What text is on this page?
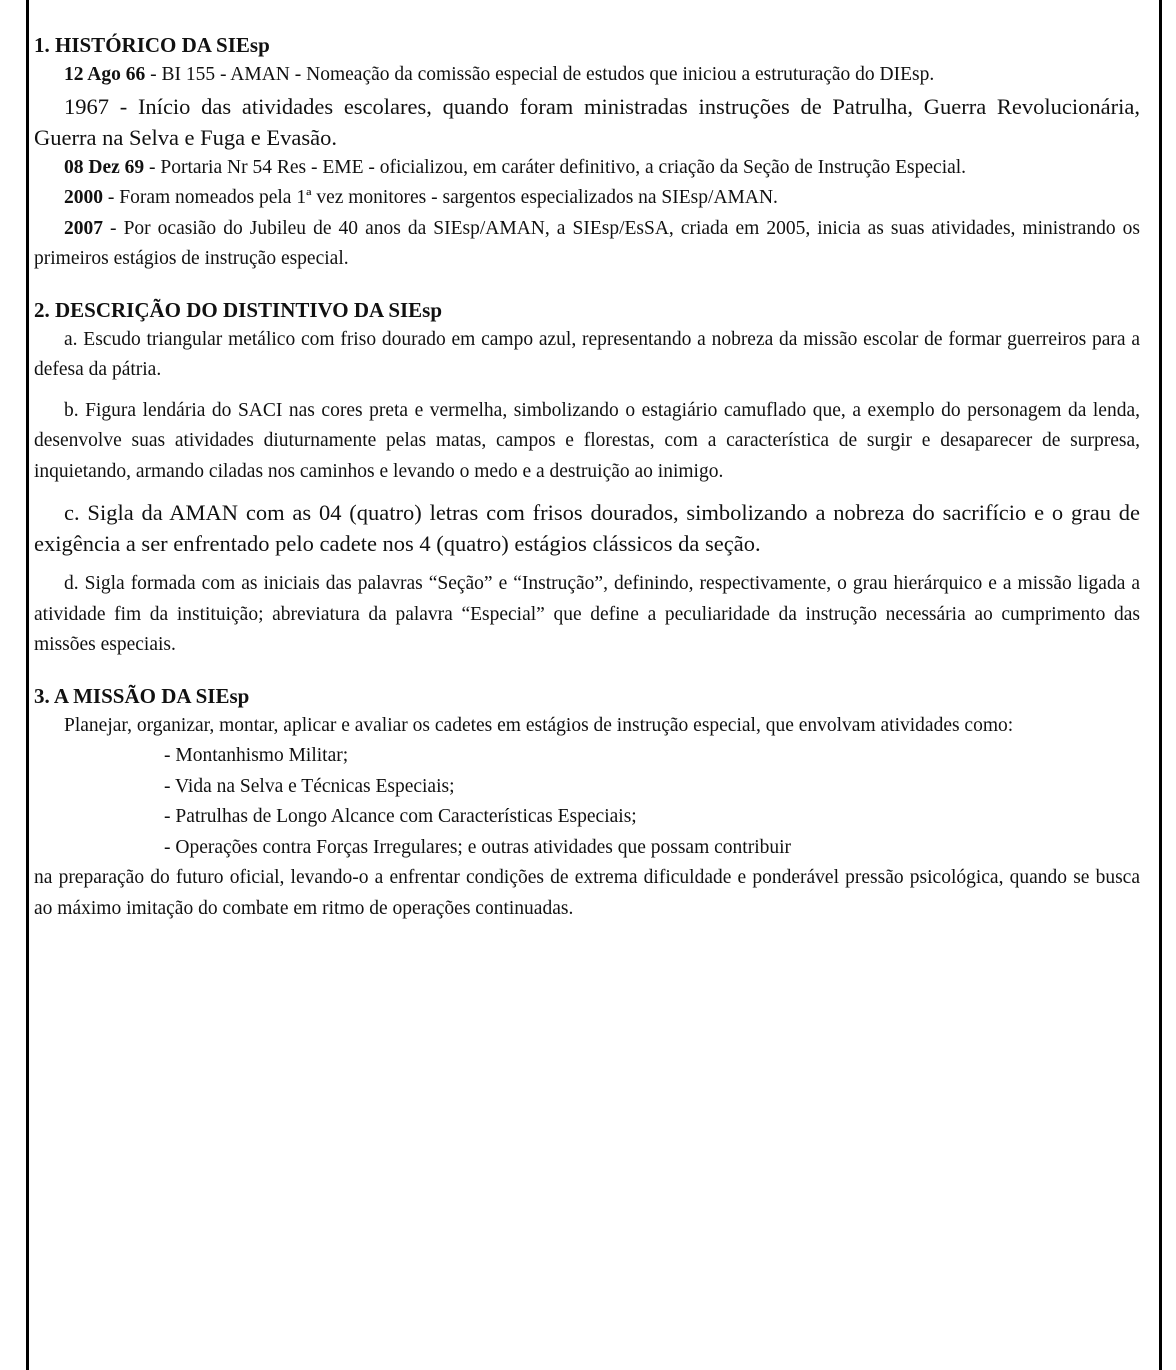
1. HISTÓRICO DA SIEsp

12 Ago 66 - BI 155 - AMAN - Nomeação da comissão especial de estudos que iniciou a estruturação do DIEsp.

1967 - Início das atividades escolares, quando foram ministradas instruções de Patrulha, Guerra Revolucionária, Guerra na Selva e Fuga e Evasão.

08 Dez 69 - Portaria Nr 54 Res - EME - oficializou, em caráter definitivo, a criação da Seção de Instrução Especial.

2000 - Foram nomeados pela 1ª vez monitores - sargentos especializados na SIEsp/AMAN.

2007 - Por ocasião do Jubileu de 40 anos da SIEsp/AMAN, a SIEsp/EsSA, criada em 2005, inicia as suas atividades, ministrando os primeiros estágios de instrução especial.

2. DESCRIÇÃO DO DISTINTIVO DA SIEsp

a. Escudo triangular metálico com friso dourado em campo azul, representando a nobreza da missão escolar de formar guerreiros para a defesa da pátria.

b. Figura lendária do SACI nas cores preta e vermelha, simbolizando o estagiário camuflado que, a exemplo do personagem da lenda, desenvolve suas atividades diuturnamente pelas matas, campos e florestas, com a característica de surgir e desaparecer de surpresa, inquietando, armando ciladas nos caminhos e levando o medo e a destruição ao inimigo.

c. Sigla da AMAN com as 04 (quatro) letras com frisos dourados, simbolizando a nobreza do sacrifício e o grau de exigência a ser enfrentado pelo cadete nos 4 (quatro) estágios clássicos da seção.

d. Sigla formada com as iniciais das palavras “Seção” e “Instrução”, definindo, respectivamente, o grau hierárquico e a missão ligada a atividade fim da instituição; abreviatura da palavra “Especial” que define a peculiaridade da instrução necessária ao cumprimento das missões especiais.

3. A MISSÃO DA SIEsp

Planejar, organizar, montar, aplicar e avaliar os cadetes em estágios de instrução especial, que envolvam atividades como:

- Montanhismo Militar;

- Vida na Selva e Técnicas Especiais;

- Patrulhas de Longo Alcance com Características Especiais;

- Operações contra Forças Irregulares; e outras atividades que possam contribuir

na preparação do futuro oficial, levando-o a enfrentar condições de extrema dificuldade e ponderável pressão psicológica, quando se busca ao máximo imitação do combate em ritmo de operações continuadas.
